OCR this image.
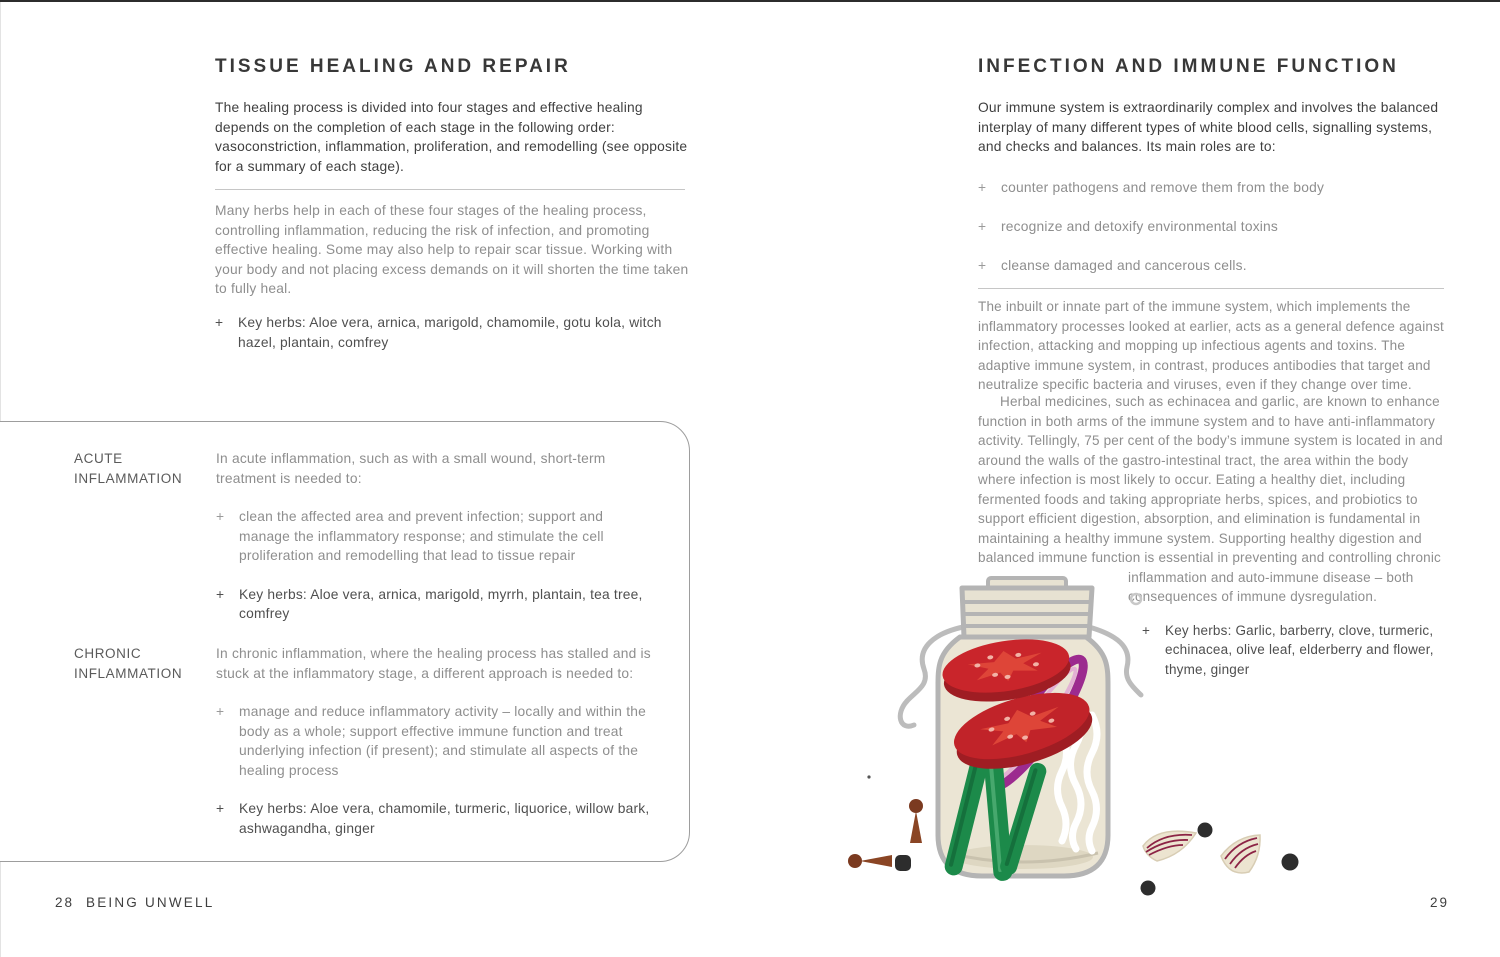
TISSUE HEALING AND REPAIR

The healing process is divided into four stages and effective healing depends on the completion of each stage in the following order: vasoconstriction, inflammation, proliferation, and remodelling (see opposite for a summary of each stage).

Many herbs help in each of these four stages of the healing process, controlling inflammation, reducing the risk of infection, and promoting effective healing. Some may also help to repair scar tissue. Working with your body and not placing excess demands on it will shorten the time taken to fully heal.

+ Key herbs: Aloe vera, arnica, marigold, chamomile, gotu kola, witch hazel, plantain, comfrey
ACUTE INFLAMMATION

In acute inflammation, such as with a small wound, short-term treatment is needed to:

+ clean the affected area and prevent infection; support and manage the inflammatory response; and stimulate the cell proliferation and remodelling that lead to tissue repair
+ Key herbs: Aloe vera, arnica, marigold, myrrh, plantain, tea tree, comfrey
CHRONIC INFLAMMATION

In chronic inflammation, where the healing process has stalled and is stuck at the inflammatory stage, a different approach is needed to:

+ manage and reduce inflammatory activity – locally and within the body as a whole; support effective immune function and treat underlying infection (if present); and stimulate all aspects of the healing process
+ Key herbs: Aloe vera, chamomile, turmeric, liquorice, willow bark, ashwagandha, ginger
28 BEING UNWELL
INFECTION AND IMMUNE FUNCTION

Our immune system is extraordinarily complex and involves the balanced interplay of many different types of white blood cells, signalling systems, and checks and balances. Its main roles are to:

+ counter pathogens and remove them from the body
+ recognize and detoxify environmental toxins
+ cleanse damaged and cancerous cells.

The inbuilt or innate part of the immune system, which implements the inflammatory processes looked at earlier, acts as a general defence against infection, attacking and mopping up infectious agents and toxins. The adaptive immune system, in contrast, produces antibodies that target and neutralize specific bacteria and viruses, even if they change over time.

Herbal medicines, such as echinacea and garlic, are known to enhance function in both arms of the immune system and to have anti-inflammatory activity. Tellingly, 75 per cent of the body’s immune system is located in and around the walls of the gastro-intestinal tract, the area within the body where infection is most likely to occur. Eating a healthy diet, including fermented foods and taking appropriate herbs, spices, and probiotics to support efficient digestion, absorption, and elimination is fundamental in maintaining a healthy immune system. Supporting healthy digestion and balanced immune function is essential in preventing and controlling chronic inflammation and auto-immune disease – both consequences of immune dysregulation.

+ Key herbs: Garlic, barberry, clove, turmeric, echinacea, olive leaf, elderberry and flower, thyme, ginger
29
